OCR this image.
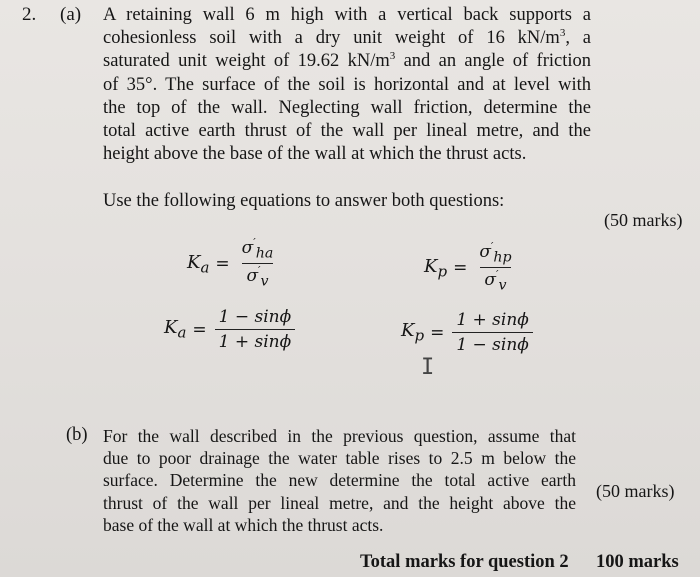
2. (a) A retaining wall 6 m high with a vertical back supports a
cohesionless soil with a dry unit weight of 16 $kN/m^3$, a
saturated unit weight of 19.62 $kN/m^3$ and an angle of friction
of 35°. The surface of the soil is horizontal and at level with
the top of the wall. Neglecting wall friction, determine the
total active earth thrust of the wall per lineal metre, and the
height above the base of the wall at which the thrust acts.
Use the following equations to answer both questions:
(50 marks)
$K_a = \frac{\sigma'_{ha}}{\sigma'_v}$	$K_p = \frac{\sigma'_{hp}}{\sigma'_v}$
$K_a = \frac{1 - \sin\phi}{1 + \sin\phi}$	$K_p = \frac{1 + \sin\phi}{1 - \sin\phi}$
I
(b) For the wall described in the previous question, assume that
due to poor drainage the water table rises to 2.5 m below the
surface. Determine the new determine the total active earth
thrust of the wall per lineal metre, and the height above the
base of the wall at which the thrust acts.
(50 marks)
Total marks for question 2 100 marks
